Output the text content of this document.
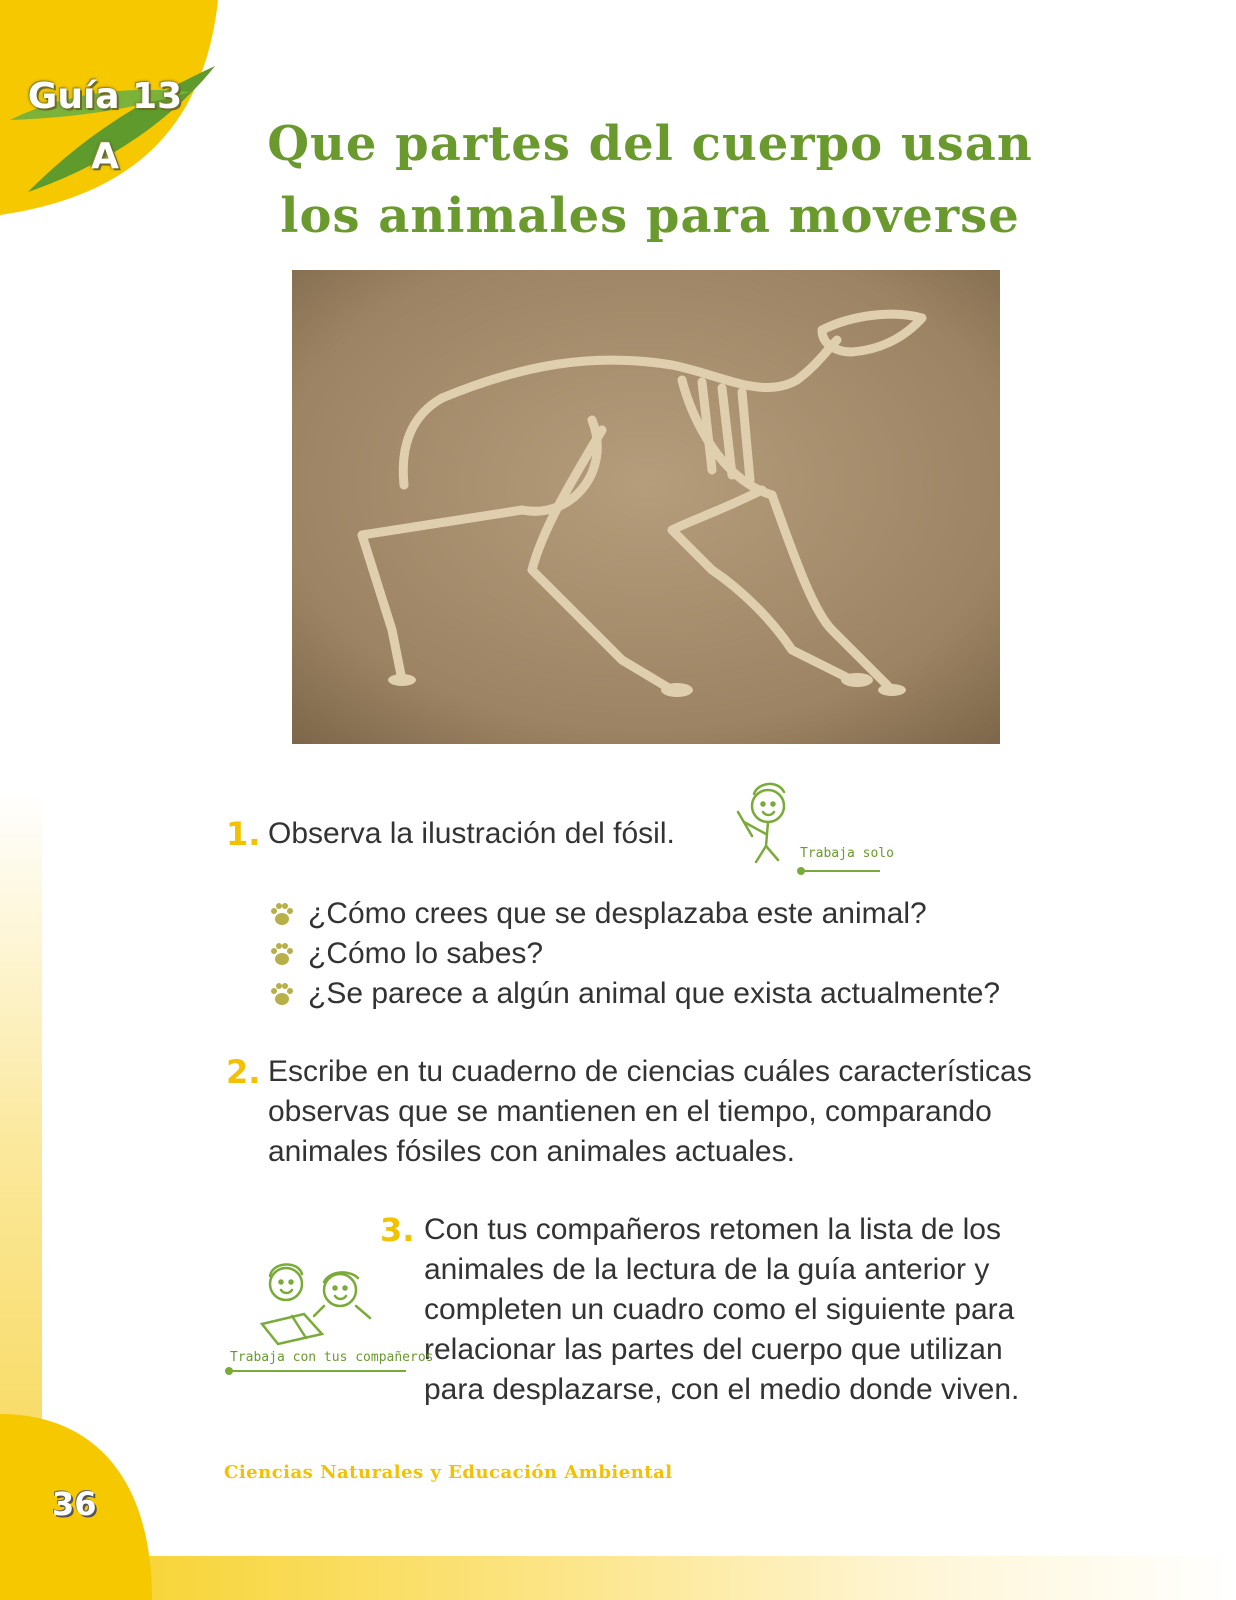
Guía 13
A	Que partes del cuerpo usan
los animales para moverse
1. Observa la ilustración del fósil.

Trabaja solo
¿Cómo crees que se desplazaba este animal?
¿Cómo lo sabes?
¿Se parece a algún animal que exista actualmente?
2. Escribe en tu cuaderno de ciencias cuáles características

observas que se mantienen en el tiempo, comparando

animales fósiles con animales actuales.

3. Con tus compañeros retomen la lista de los

animales de la lectura de la guía anterior y

completen un cuadro como el siguiente para

relacionar las partes del cuerpo que utilizan

para desplazarse, con el medio donde viven.

Trabaja con tus compañeros
36
Ciencias Naturales y Educación Ambiental
